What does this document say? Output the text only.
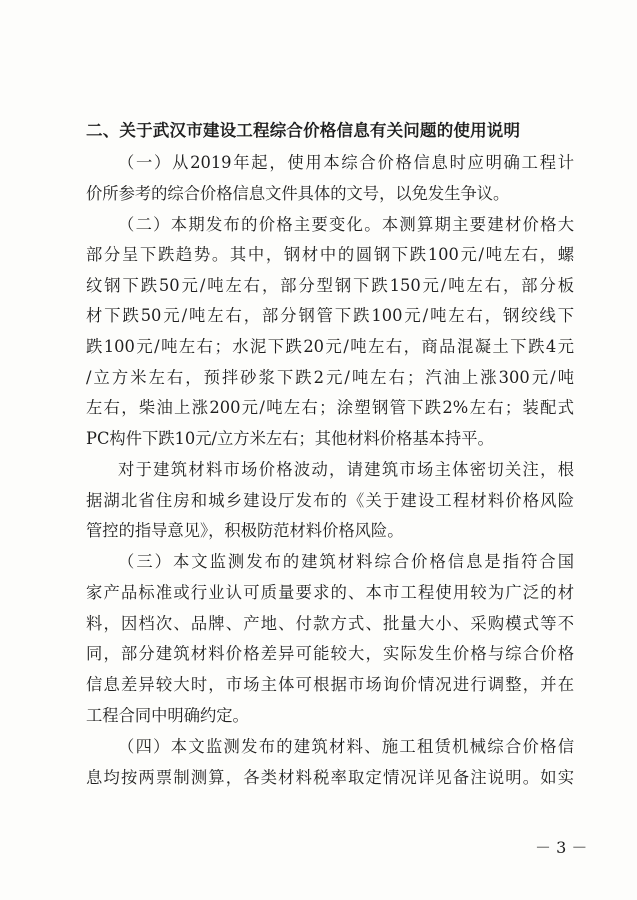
二、关于武汉市建设工程综合价格信息有关问题的使用说明
（一）从2019年起，使用本综合价格信息时应明确工程计
价所参考的综合价格信息文件具体的文号，以免发生争议。
（二）本期发布的价格主要变化。本测算期主要建材价格大
部分呈下跌趋势。其中，钢材中的圆钢下跌100元/吨左右，螺
纹钢下跌50元/吨左右，部分型钢下跌150元/吨左右，部分板
材下跌50元/吨左右，部分钢管下跌100元/吨左右，钢绞线下
跌100元/吨左右；水泥下跌20元/吨左右，商品混凝土下跌4元
/立方米左右，预拌砂浆下跌2元/吨左右；汽油上涨300元/吨
左右，柴油上涨200元/吨左右；涂塑钢管下跌2%左右；装配式
PC构件下跌10元/立方米左右；其他材料价格基本持平。
对于建筑材料市场价格波动，请建筑市场主体密切关注，根
据湖北省住房和城乡建设厅发布的《关于建设工程材料价格风险
管控的指导意见》，积极防范材料价格风险。
（三）本文监测发布的建筑材料综合价格信息是指符合国
家产品标准或行业认可质量要求的、本市工程使用较为广泛的材
料，因档次、品牌、产地、付款方式、批量大小、采购模式等不
同，部分建筑材料价格差异可能较大，实际发生价格与综合价格
信息差异较大时，市场主体可根据市场询价情况进行调整，并在
工程合同中明确约定。
（四）本文监测发布的建筑材料、施工租赁机械综合价格信
息均按两票制测算，各类材料税率取定情况详见备注说明。如实
－ 3 －
